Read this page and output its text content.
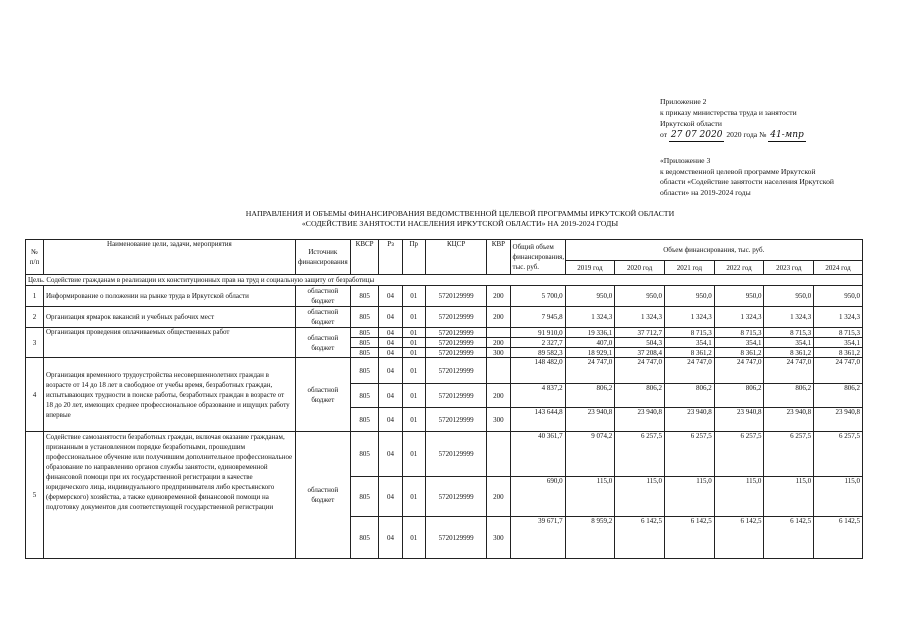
Приложение 2
к приказу министерства труда и занятости
Иркутской области
от 27 07 2020 2020 года № 41-мпр
«Приложение 3
к ведомственной целевой программе Иркутской
области «Содействие занятости населения Иркутской
области» на 2019-2024 годы
НАПРАВЛЕНИЯ И ОБЪЕМЫ ФИНАНСИРОВАНИЯ ВЕДОМСТВЕННОЙ ЦЕЛЕВОЙ ПРОГРАММЫ ИРКУТСКОЙ ОБЛАСТИ
«СОДЕЙСТВИЕ ЗАНЯТОСТИ НАСЕЛЕНИЯ ИРКУТСКОЙ ОБЛАСТИ» НА 2019-2024 ГОДЫ
№ п/п	Наименование цели, задачи, мероприятия	Источник финансирования	КВСР	Рз	Пр	КЦСР	КВР	Общий объем финансирования, тыс. руб.	Объем финансирования, тыс. руб.					
									2019 год	2020 год	2021 год	2022 год	2023 год	2024 год
Цель. Содействие гражданам в реализации их конституционных прав на труд и социальную защиту от безработицы														
1	Информирование о положении на рынке труда в Иркутской области	областной бюджет	805	04	01	5720129999	200	5 700,0	950,0	950,0	950,0	950,0	950,0	950,0
2	Организация ярмарок вакансий и учебных рабочих мест	областной бюджет	805	04	01	5720129999	200	7 945,8	1 324,3	1 324,3	1 324,3	1 324,3	1 324,3	1 324,3
3	Организация проведения оплачиваемых общественных работ	областной бюджет	805	04	01	5720129999		91 910,0	19 336,1	37 712,7	8 715,3	8 715,3	8 715,3	8 715,3
			805	04	01	5720129999	200	2 327,7	407,0	504,3	354,1	354,1	354,1	354,1
			805	04	01	5720129999	300	89 582,3	18 929,1	37 208,4	8 361,2	8 361,2	8 361,2	8 361,2
4	Организация временного трудоустройства несовершеннолетних граждан в возрасте от 14 до 18 лет в свободное от учебы время, безработных граждан, испытывающих трудности в поиске работы, безработных граждан в возрасте от 18 до 20 лет, имеющих среднее профессиональное образование и ищущих работу впервые	областной бюджет	805	04	01	5720129999		148 482,0	24 747,0	24 747,0	24 747,0	24 747,0	24 747,0	24 747,0
			805	04	01	5720129999	200	4 837,2	806,2	806,2	806,2	806,2	806,2	806,2
			805	04	01	5720129999	300	143 644,8	23 940,8	23 940,8	23 940,8	23 940,8	23 940,8	23 940,8
5	Содействие самозанятости безработных граждан, включая оказание гражданам, признанным в установленном порядке безработными, прошедшим профессиональное обучение или получившим дополнительное профессиональное образование по направлению органов службы занятости, единовременной финансовой помощи при их государственной регистрации в качестве юридического лица, индивидуального предпринимателя либо крестьянского (фермерского) хозяйства, а также единовременной финансовой помощи на подготовку документов для соответствующей государственной регистрации	областной бюджет	805	04	01	5720129999		40 361,7	9 074,2	6 257,5	6 257,5	6 257,5	6 257,5	6 257,5
			805	04	01	5720129999	200	690,0	115,0	115,0	115,0	115,0	115,0	115,0
			805	04	01	5720129999	300	39 671,7	8 959,2	6 142,5	6 142,5	6 142,5	6 142,5	6 142,5
